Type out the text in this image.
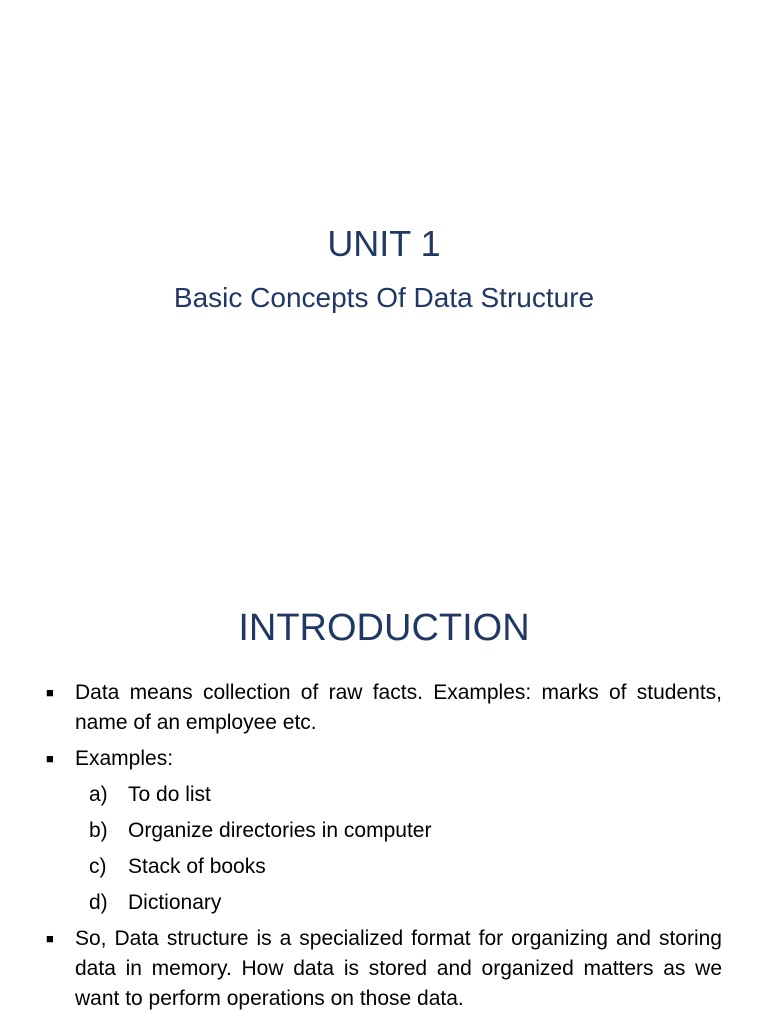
UNIT 1
Basic Concepts Of Data Structure
INTRODUCTION
■ Data means collection of raw facts. Examples: marks of students, name of an employee etc.
■ Examples:
a) To do list
b) Organize directories in computer
c) Stack of books
d) Dictionary
■ So, Data structure is a specialized format for organizing and storing data in memory. How data is stored and organized matters as we want to perform operations on those data.
